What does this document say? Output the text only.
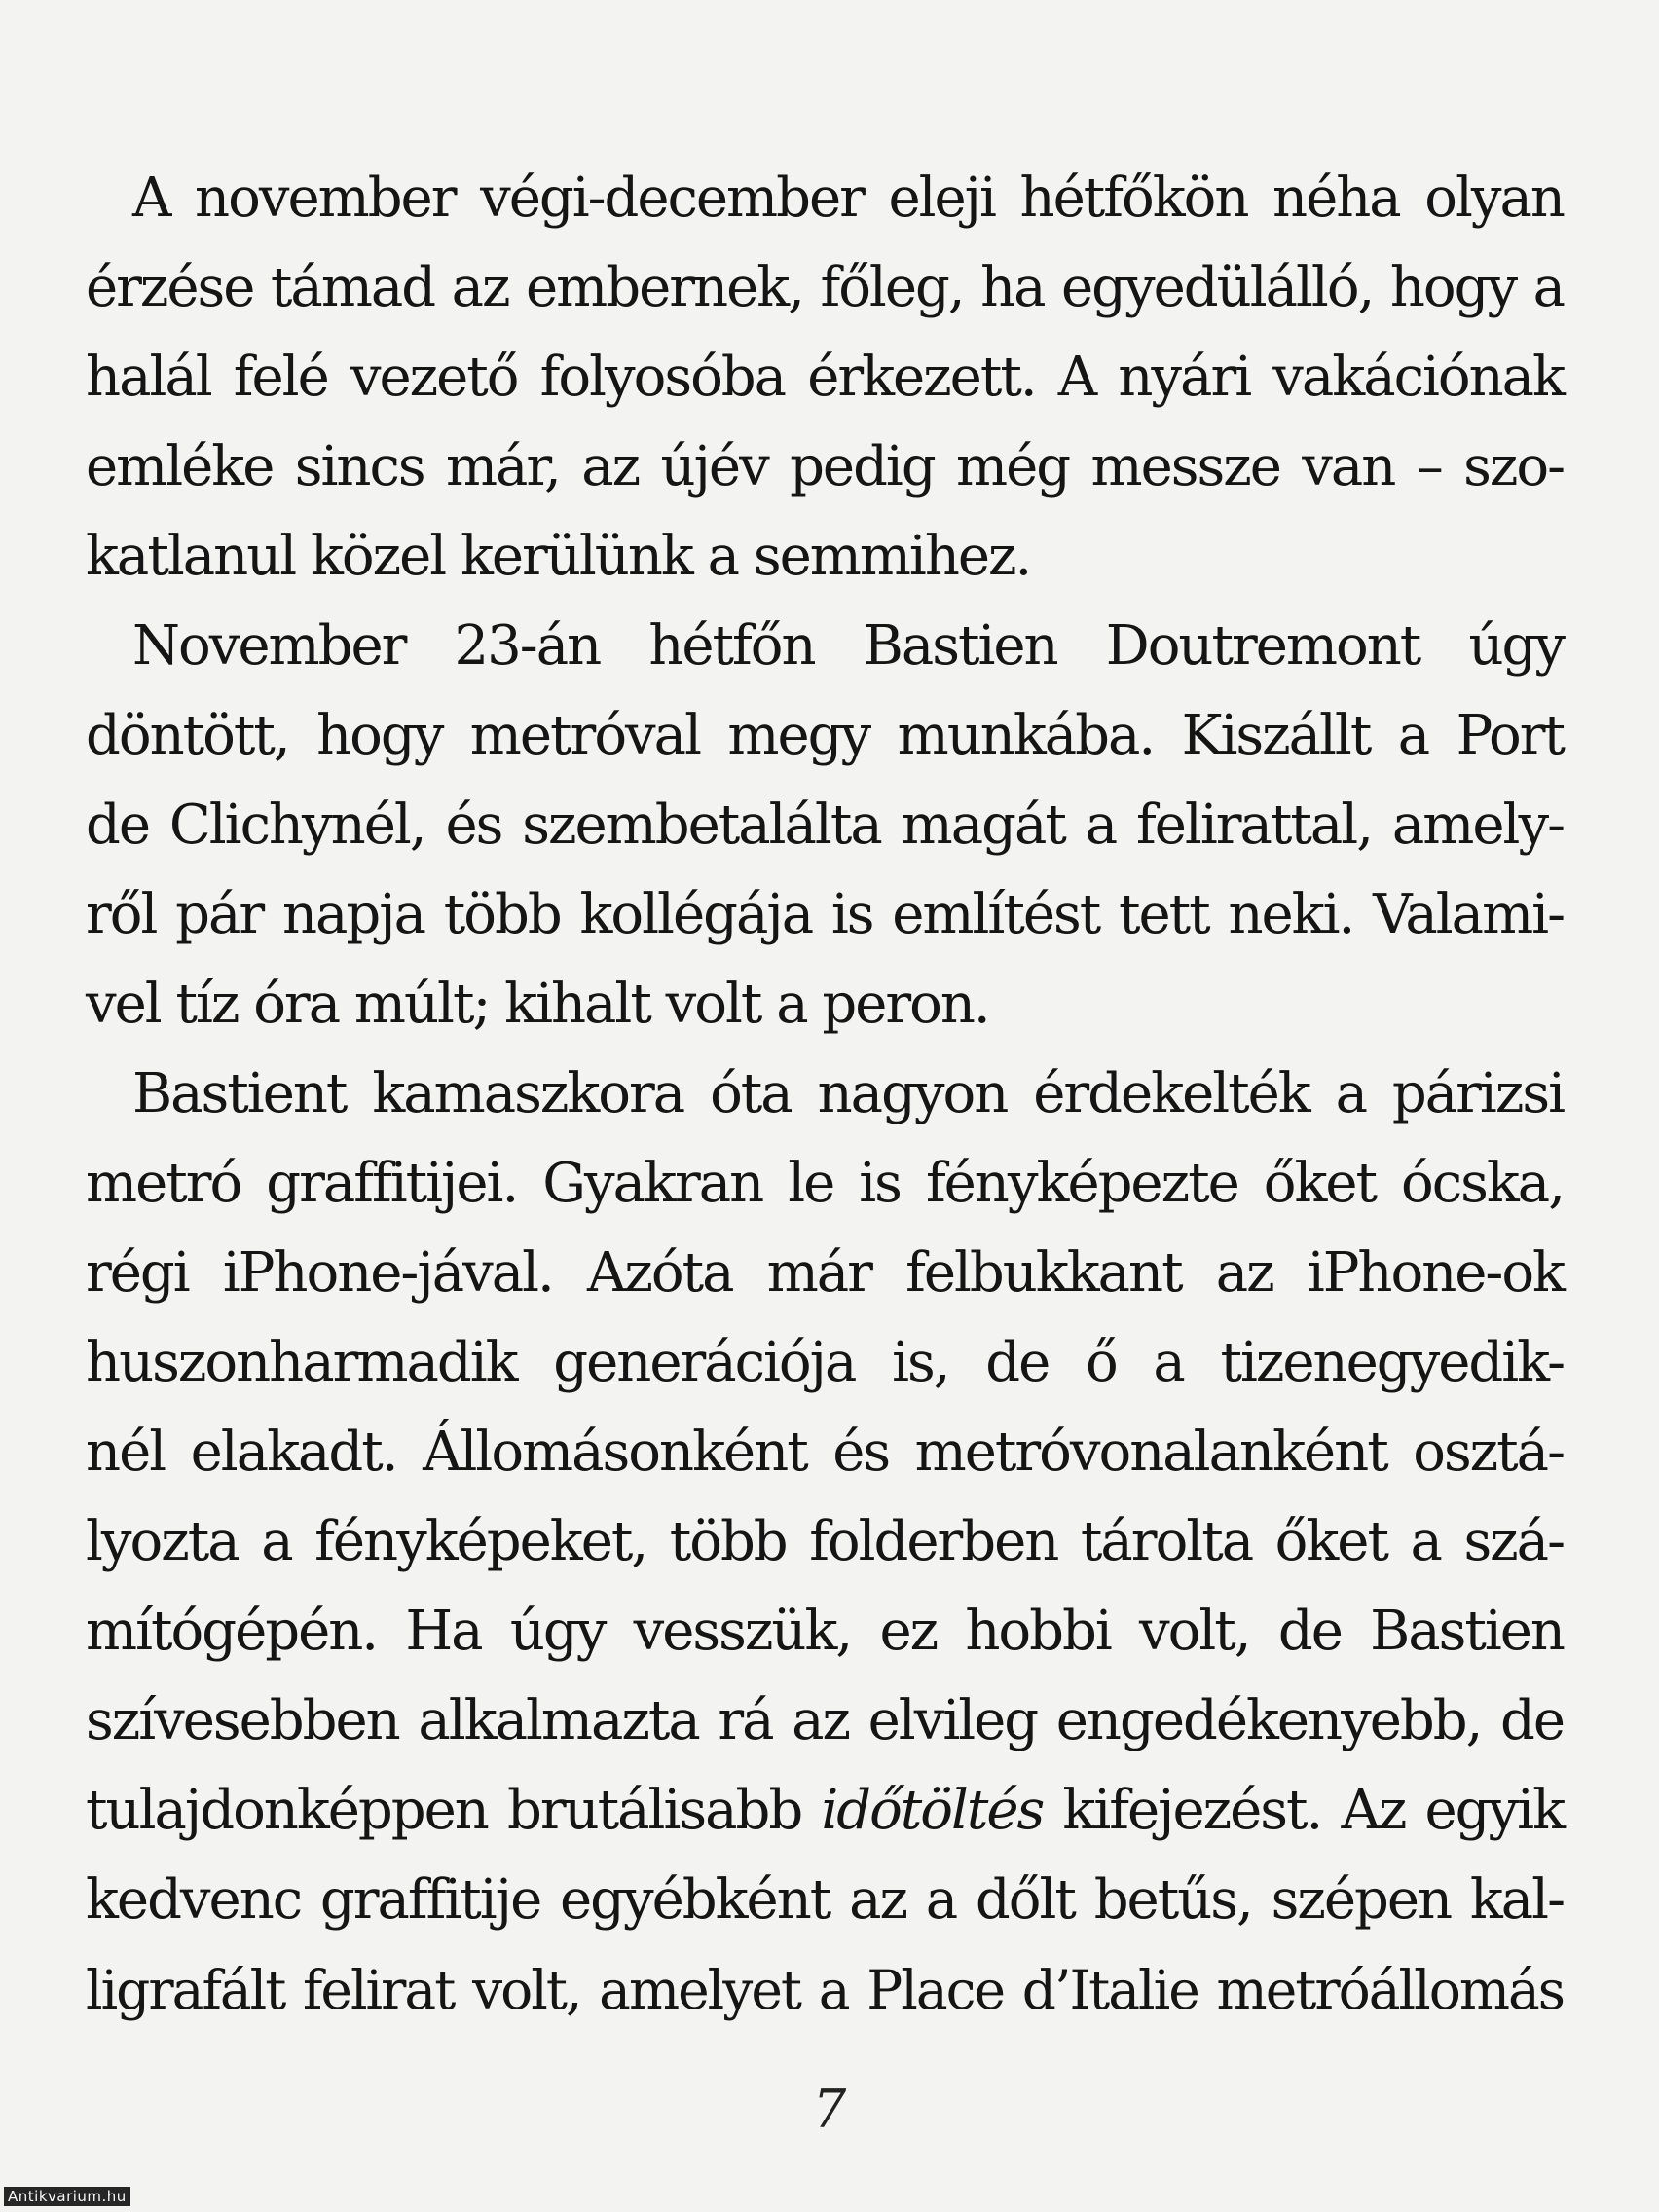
A november végi-december eleji hétfőkön néha olyan
érzése támad az embernek, főleg, ha egyedülálló, hogy a
halál felé vezető folyosóba érkezett. A nyári vakációnak
emléke sincs már, az újév pedig még messze van – szo-
katlanul közel kerülünk a semmihez.
November 23-án hétfőn Bastien Doutremont úgy
döntött, hogy metróval megy munkába. Kiszállt a Port
de Clichynél, és szembetalálta magát a felirattal, amely-
ről pár napja több kollégája is említést tett neki. Valami-
vel tíz óra múlt; kihalt volt a peron.
Bastient kamaszkora óta nagyon érdekelték a párizsi
metró graffitijei. Gyakran le is fényképezte őket ócska,
régi iPhone-jával. Azóta már felbukkant az iPhone-ok
huszonharmadik generációja is, de ő a tizenegyedik-
nél elakadt. Állomásonként és metróvonalanként osztá-
lyozta a fényképeket, több folderben tárolta őket a szá-
mítógépén. Ha úgy vesszük, ez hobbi volt, de Bastien
szívesebben alkalmazta rá az elvileg engedékenyebb, de
tulajdonképpen brutálisabb időtöltés kifejezést. Az egyik
kedvenc graffitije egyébként az a dőlt betűs, szépen kal-
ligrafált felirat volt, amelyet a Place d’Italie metróállomás
7
Antikvarium.hu
